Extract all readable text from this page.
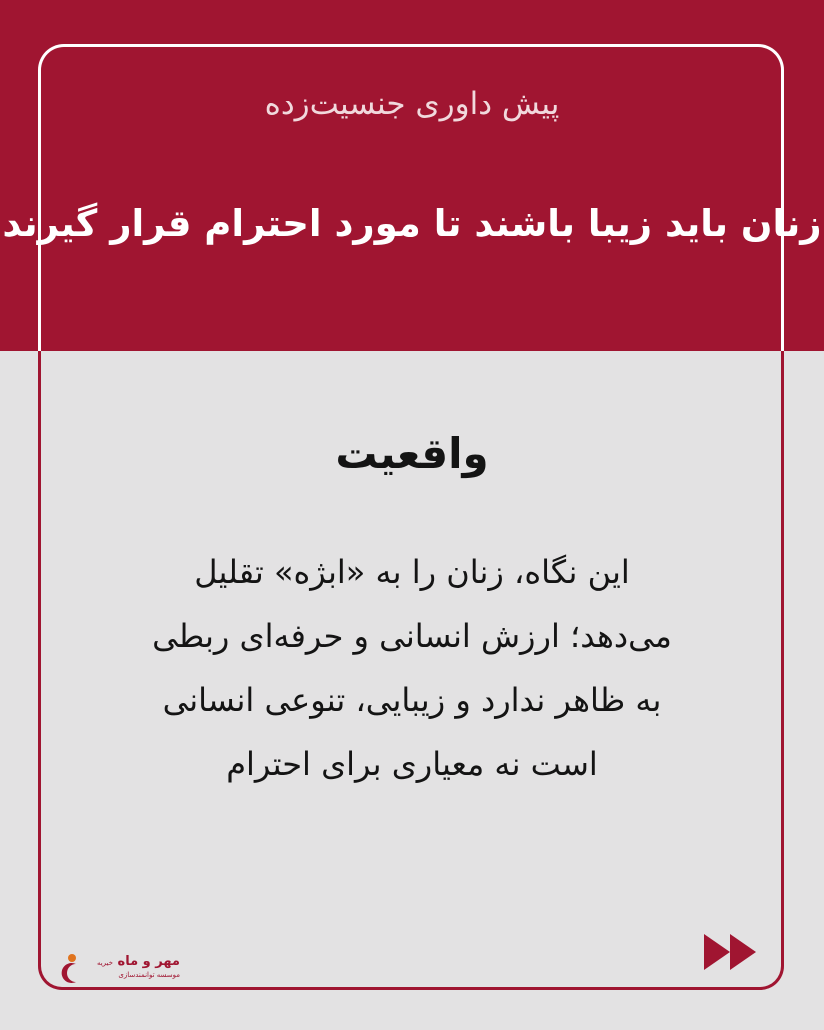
پیش داوری جنسیت‌زده
زنان باید زیبا باشند تا مورد احترام قرار گیرند
واقعیت
این نگاه، زنان را به «ابژه» تقلیل
می‌دهد؛ ارزش انسانی و حرفه‌ای ربطی
به ظاهر ندارد و زیبایی، تنوعی انسانی
است نه معیاری برای احترام
مهر و ماه خیریه
موسسه توانمندسازی
